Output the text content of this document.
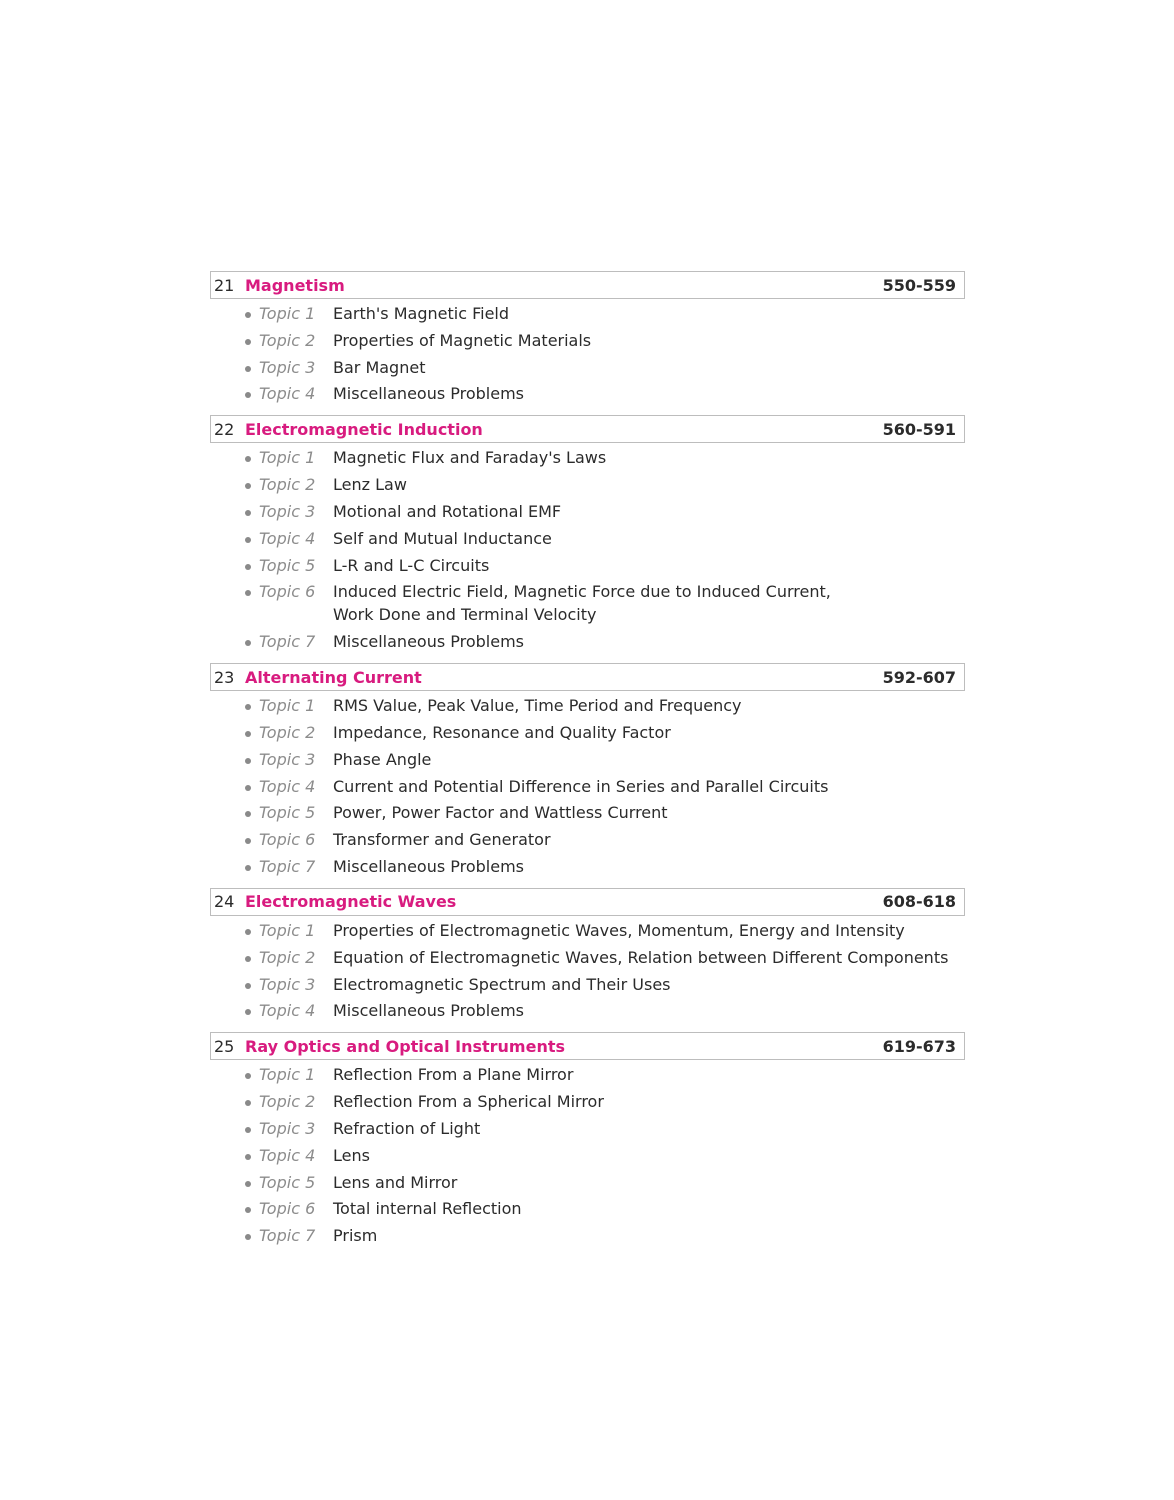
21 Magnetism	550-559
Topic 1	Earth's Magnetic Field
Topic 2	Properties of Magnetic Materials
Topic 3	Bar Magnet
Topic 4	Miscellaneous Problems
22 Electromagnetic Induction	560-591
Topic 1	Magnetic Flux and Faraday's Laws
Topic 2	Lenz Law
Topic 3	Motional and Rotational EMF
Topic 4	Self and Mutual Inductance
Topic 5	L-R and L-C Circuits
Topic 6	Induced Electric Field, Magnetic Force due to Induced Current,
Work Done and Terminal Velocity
Topic 7	Miscellaneous Problems
23 Alternating Current	592-607
Topic 1	RMS Value, Peak Value, Time Period and Frequency
Topic 2	Impedance, Resonance and Quality Factor
Topic 3	Phase Angle
Topic 4	Current and Potential Difference in Series and Parallel Circuits
Topic 5	Power, Power Factor and Wattless Current
Topic 6	Transformer and Generator
Topic 7	Miscellaneous Problems
24 Electromagnetic Waves	608-618
Topic 1	Properties of Electromagnetic Waves, Momentum, Energy and Intensity
Topic 2	Equation of Electromagnetic Waves, Relation between Different Components
Topic 3	Electromagnetic Spectrum and Their Uses
Topic 4	Miscellaneous Problems
25 Ray Optics and Optical Instruments	619-673
Topic 1	Reflection From a Plane Mirror
Topic 2	Reflection From a Spherical Mirror
Topic 3	Refraction of Light
Topic 4	Lens
Topic 5	Lens and Mirror
Topic 6	Total internal Reflection
Topic 7	Prism
